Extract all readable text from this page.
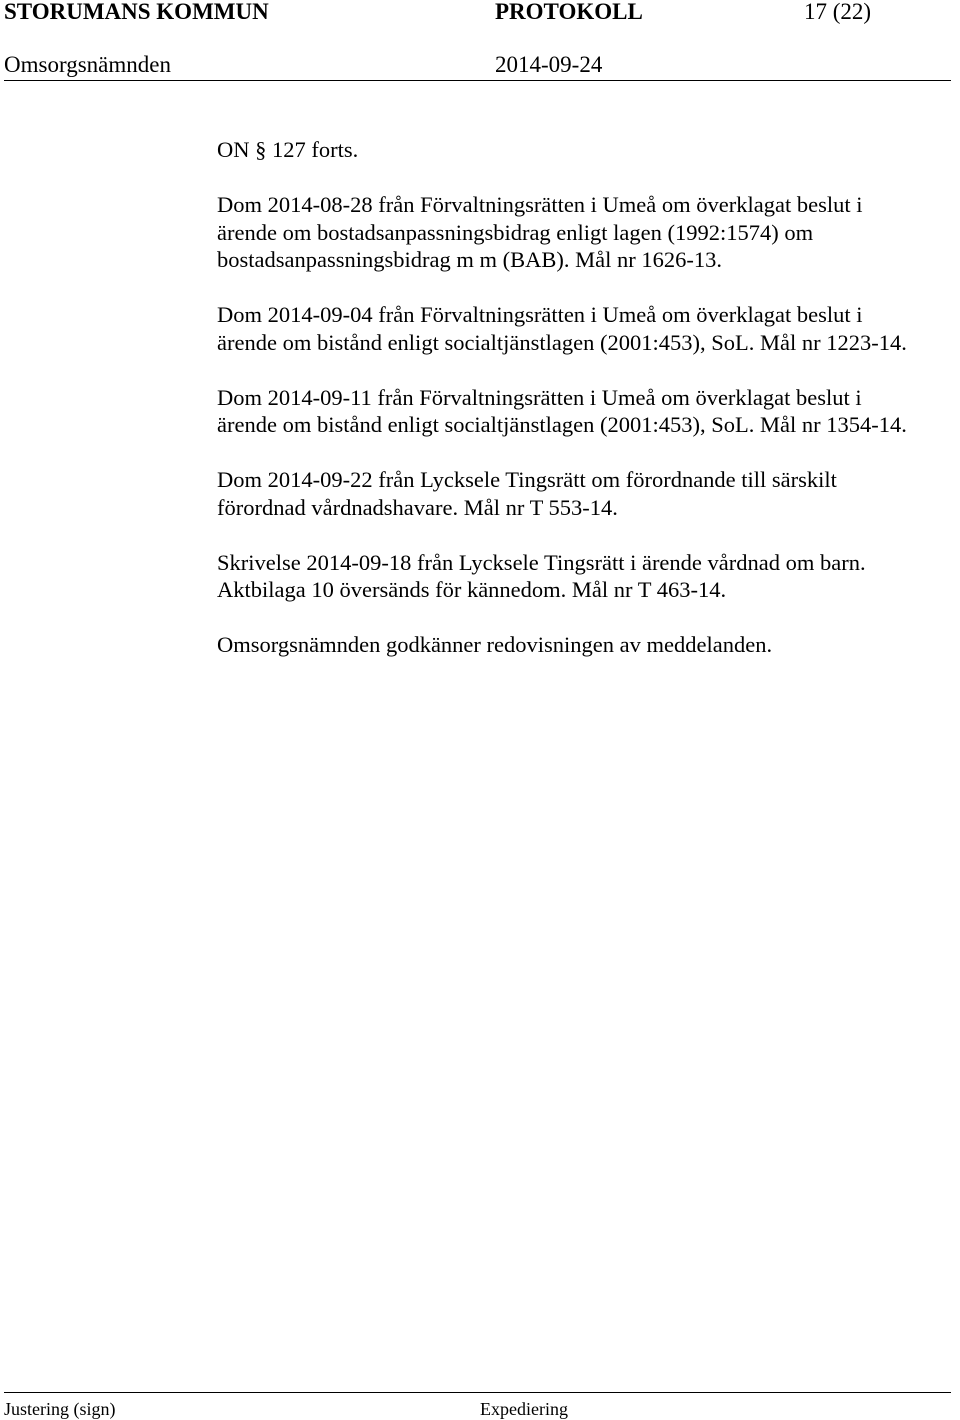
STORUMANS KOMMUN	PROTOKOLL	17 (22)
Omsorgsnämnden	2014-09-24

ON § 127 forts.

Dom 2014-08-28 från Förvaltningsrätten i Umeå om överklagat beslut i ärende om bostadsanpassningsbidrag enligt lagen (1992:1574) om bostadsanpassningsbidrag m m (BAB). Mål nr 1626-13.

Dom 2014-09-04 från Förvaltningsrätten i Umeå om överklagat beslut i ärende om bistånd enligt socialtjänstlagen (2001:453), SoL. Mål nr 1223-14.

Dom 2014-09-11 från Förvaltningsrätten i Umeå om överklagat beslut i ärende om bistånd enligt socialtjänstlagen (2001:453), SoL. Mål nr 1354-14.

Dom 2014-09-22 från Lycksele Tingsrätt om förordnande till särskilt förordnad vårdnadshavare. Mål nr T 553-14.

Skrivelse 2014-09-18 från Lycksele Tingsrätt i ärende vårdnad om barn. Aktbilaga 10 översänds för kännedom. Mål nr T 463-14.

Omsorgsnämnden godkänner redovisningen av meddelanden.

Justering (sign)	Expediering
